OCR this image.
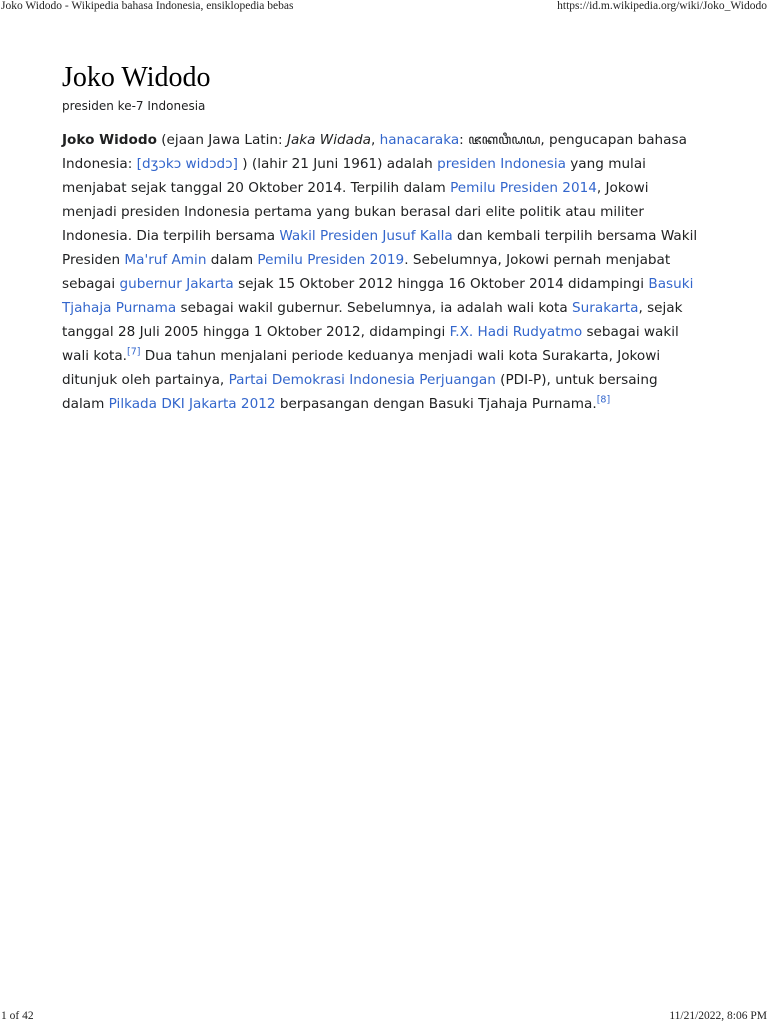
Joko Widodo - Wikipedia bahasa Indonesia, ensiklopedia bebas	https://id.m.wikipedia.org/wiki/Joko_Widodo
Joko Widodo
presiden ke-7 Indonesia

Joko Widodo (ejaan Jawa Latin: Jaka Widada, hanacaraka: ꦗꦏꦮꦶꦝꦝ, pengucapan bahasa Indonesia: [dʒɔkɔ widɔdɔ] ) (lahir 21 Juni 1961) adalah presiden Indonesia yang mulai menjabat sejak tanggal 20 Oktober 2014. Terpilih dalam Pemilu Presiden 2014, Jokowi menjadi presiden Indonesia pertama yang bukan berasal dari elite politik atau militer Indonesia. Dia terpilih bersama Wakil Presiden Jusuf Kalla dan kembali terpilih bersama Wakil Presiden Ma'ruf Amin dalam Pemilu Presiden 2019. Sebelumnya, Jokowi pernah menjabat sebagai gubernur Jakarta sejak 15 Oktober 2012 hingga 16 Oktober 2014 didampingi Basuki Tjahaja Purnama sebagai wakil gubernur. Sebelumnya, ia adalah wali kota Surakarta, sejak tanggal 28 Juli 2005 hingga 1 Oktober 2012, didampingi F.X. Hadi Rudyatmo sebagai wakil wali kota.[7] Dua tahun menjalani periode keduanya menjadi wali kota Surakarta, Jokowi ditunjuk oleh partainya, Partai Demokrasi Indonesia Perjuangan (PDI-P), untuk bersaing dalam Pilkada DKI Jakarta 2012 berpasangan dengan Basuki Tjahaja Purnama.[8]

1 of 42	11/21/2022, 8:06 PM
